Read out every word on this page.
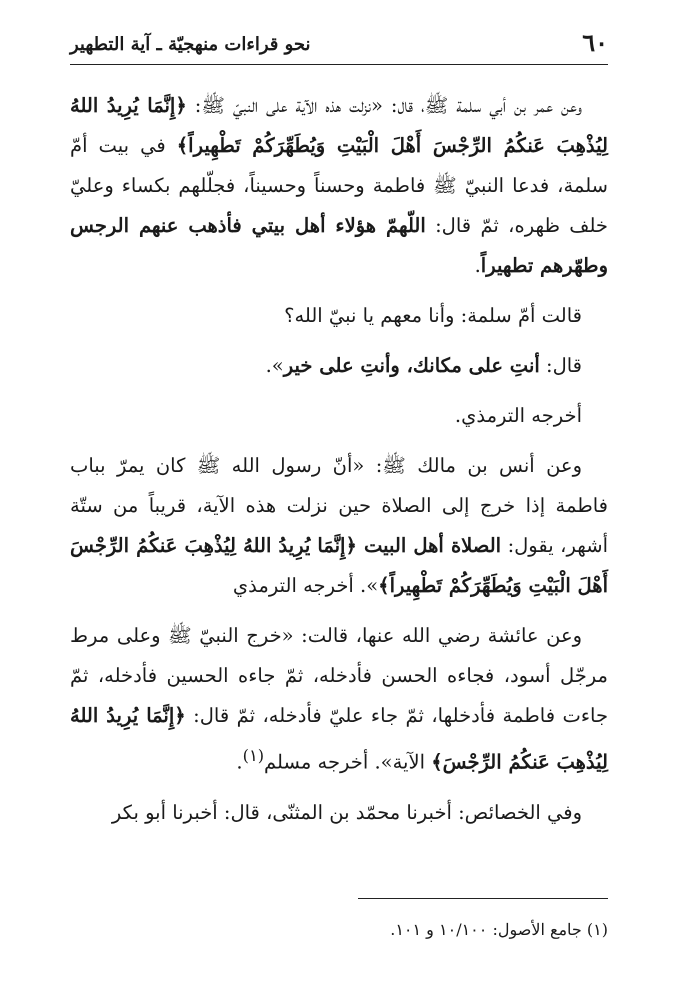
٦٠
نحو قراءات منهجيّة ـ آية التطهير

وعن عمر بن أبي سلمة ﷺ، قال: «نزلت هذه الآية على النبيّ ﷺ: ﴿إِنَّمَا يُرِيدُ اللهُ لِيُذْهِبَ عَنكُمُ الرِّجْسَ أَهْلَ الْبَيْتِ وَيُطَهِّرَكُمْ تَطْهِيراً﴾ في بيت أمّ سلمة، فدعا النبيّ ﷺ فاطمة وحسناً وحسيناً، فجلّلهم بكساء وعليّ خلف ظهره، ثمّ قال: اللّهمّ هؤلاء أهل بيتي فأذهب عنهم الرجس وطهّرهم تطهيراً.

قالت أمّ سلمة: وأنا معهم يا نبيّ الله؟

قال: أنتِ على مكانك، وأنتِ على خير».

أخرجه الترمذي.

وعن أنس بن مالك ﷺ: «أنّ رسول الله ﷺ كان يمرّ بباب فاطمة إذا خرج إلى الصلاة حين نزلت هذه الآية، قريباً من ستّة أشهر، يقول: الصلاة أهل البيت ﴿إِنَّمَا يُرِيدُ اللهُ لِيُذْهِبَ عَنكُمُ الرِّجْسَ أَهْلَ الْبَيْتِ وَيُطَهِّرَكُمْ تَطْهِيراً﴾». أخرجه الترمذي

وعن عائشة رضي الله عنها، قالت: «خرج النبيّ ﷺ وعلى مرط مرجّل أسود، فجاءه الحسن فأدخله، ثمّ جاءه الحسين فأدخله، ثمّ جاءت فاطمة فأدخلها، ثمّ جاء عليّ فأدخله، ثمّ قال: ﴿إِنَّمَا يُرِيدُ اللهُ لِيُذْهِبَ عَنكُمُ الرِّجْسَ﴾ الآية». أخرجه مسلم$^{(١)}$.

وفي الخصائص: أخبرنا محمّد بن المثنّى، قال: أخبرنا أبو بكر

(١) جامع الأصول: ١٠/١٠٠ و ١٠١.
